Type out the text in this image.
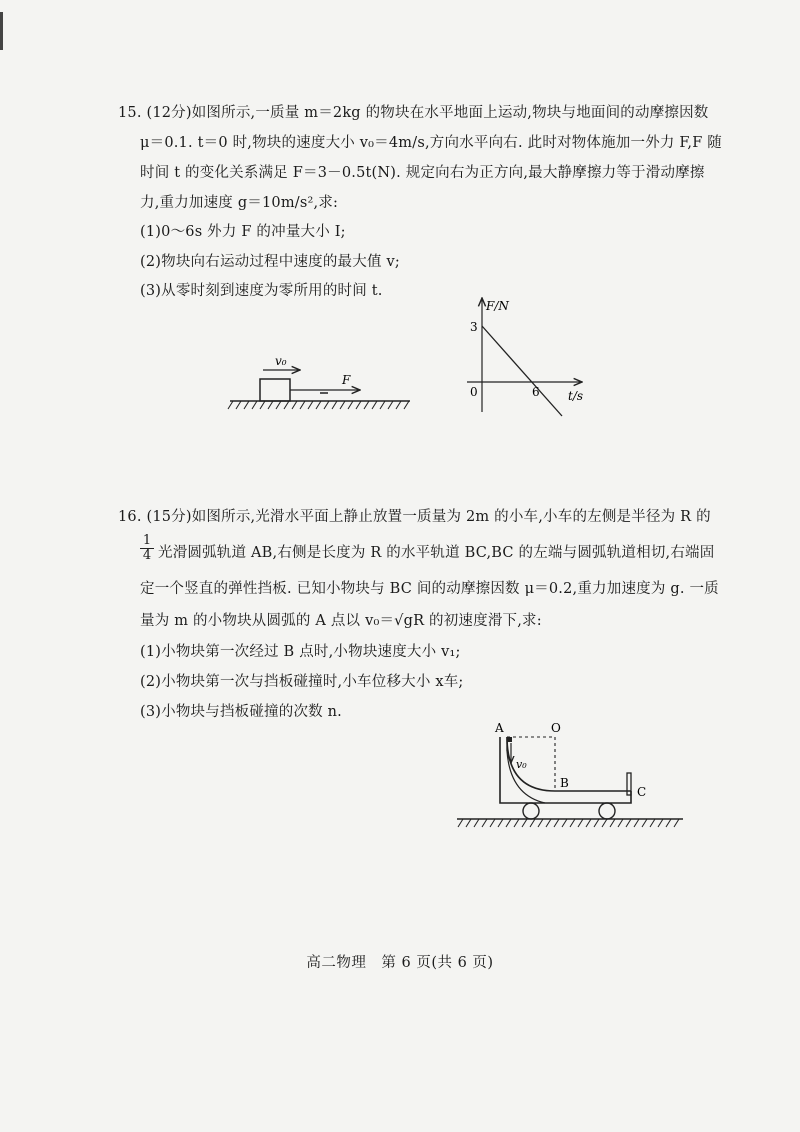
15. (12分)如图所示,一质量 m＝2kg 的物块在水平地面上运动,物块与地面间的动摩擦因数
μ＝0.1. t＝0 时,物块的速度大小 v₀＝4m/s,方向水平向右. 此时对物体施加一外力 F,F 随
时间 t 的变化关系满足 F＝3－0.5t(N). 规定向右为正方向,最大静摩擦力等于滑动摩擦
力,重力加速度 g＝10m/s²,求:
(1)0～6s 外力 F 的冲量大小 I;
(2)物块向右运动过程中速度的最大值 v;
(3)从零时刻到速度为零所用的时间 t.
v₀
F
F/N
3
0	6 t/s
16. (15分)如图所示,光滑水平面上静止放置一质量为 2m 的小车,小车的左侧是半径为 R 的
$\frac{1}{4}$ 光滑圆弧轨道 AB,右侧是长度为 R 的水平轨道 BC,BC 的左端与圆弧轨道相切,右端固
定一个竖直的弹性挡板. 已知小物块与 BC 间的动摩擦因数 μ＝0.2,重力加速度为 g. 一质
量为 m 的小物块从圆弧的 A 点以 v₀＝√gR 的初速度滑下,求:
(1)小物块第一次经过 B 点时,小物块速度大小 v₁;
(2)小物块第一次与挡板碰撞时,小车位移大小 x车;
(3)小物块与挡板碰撞的次数 n.
v₀
A	O
B
C
高二物理　第 6 页(共 6 页)
